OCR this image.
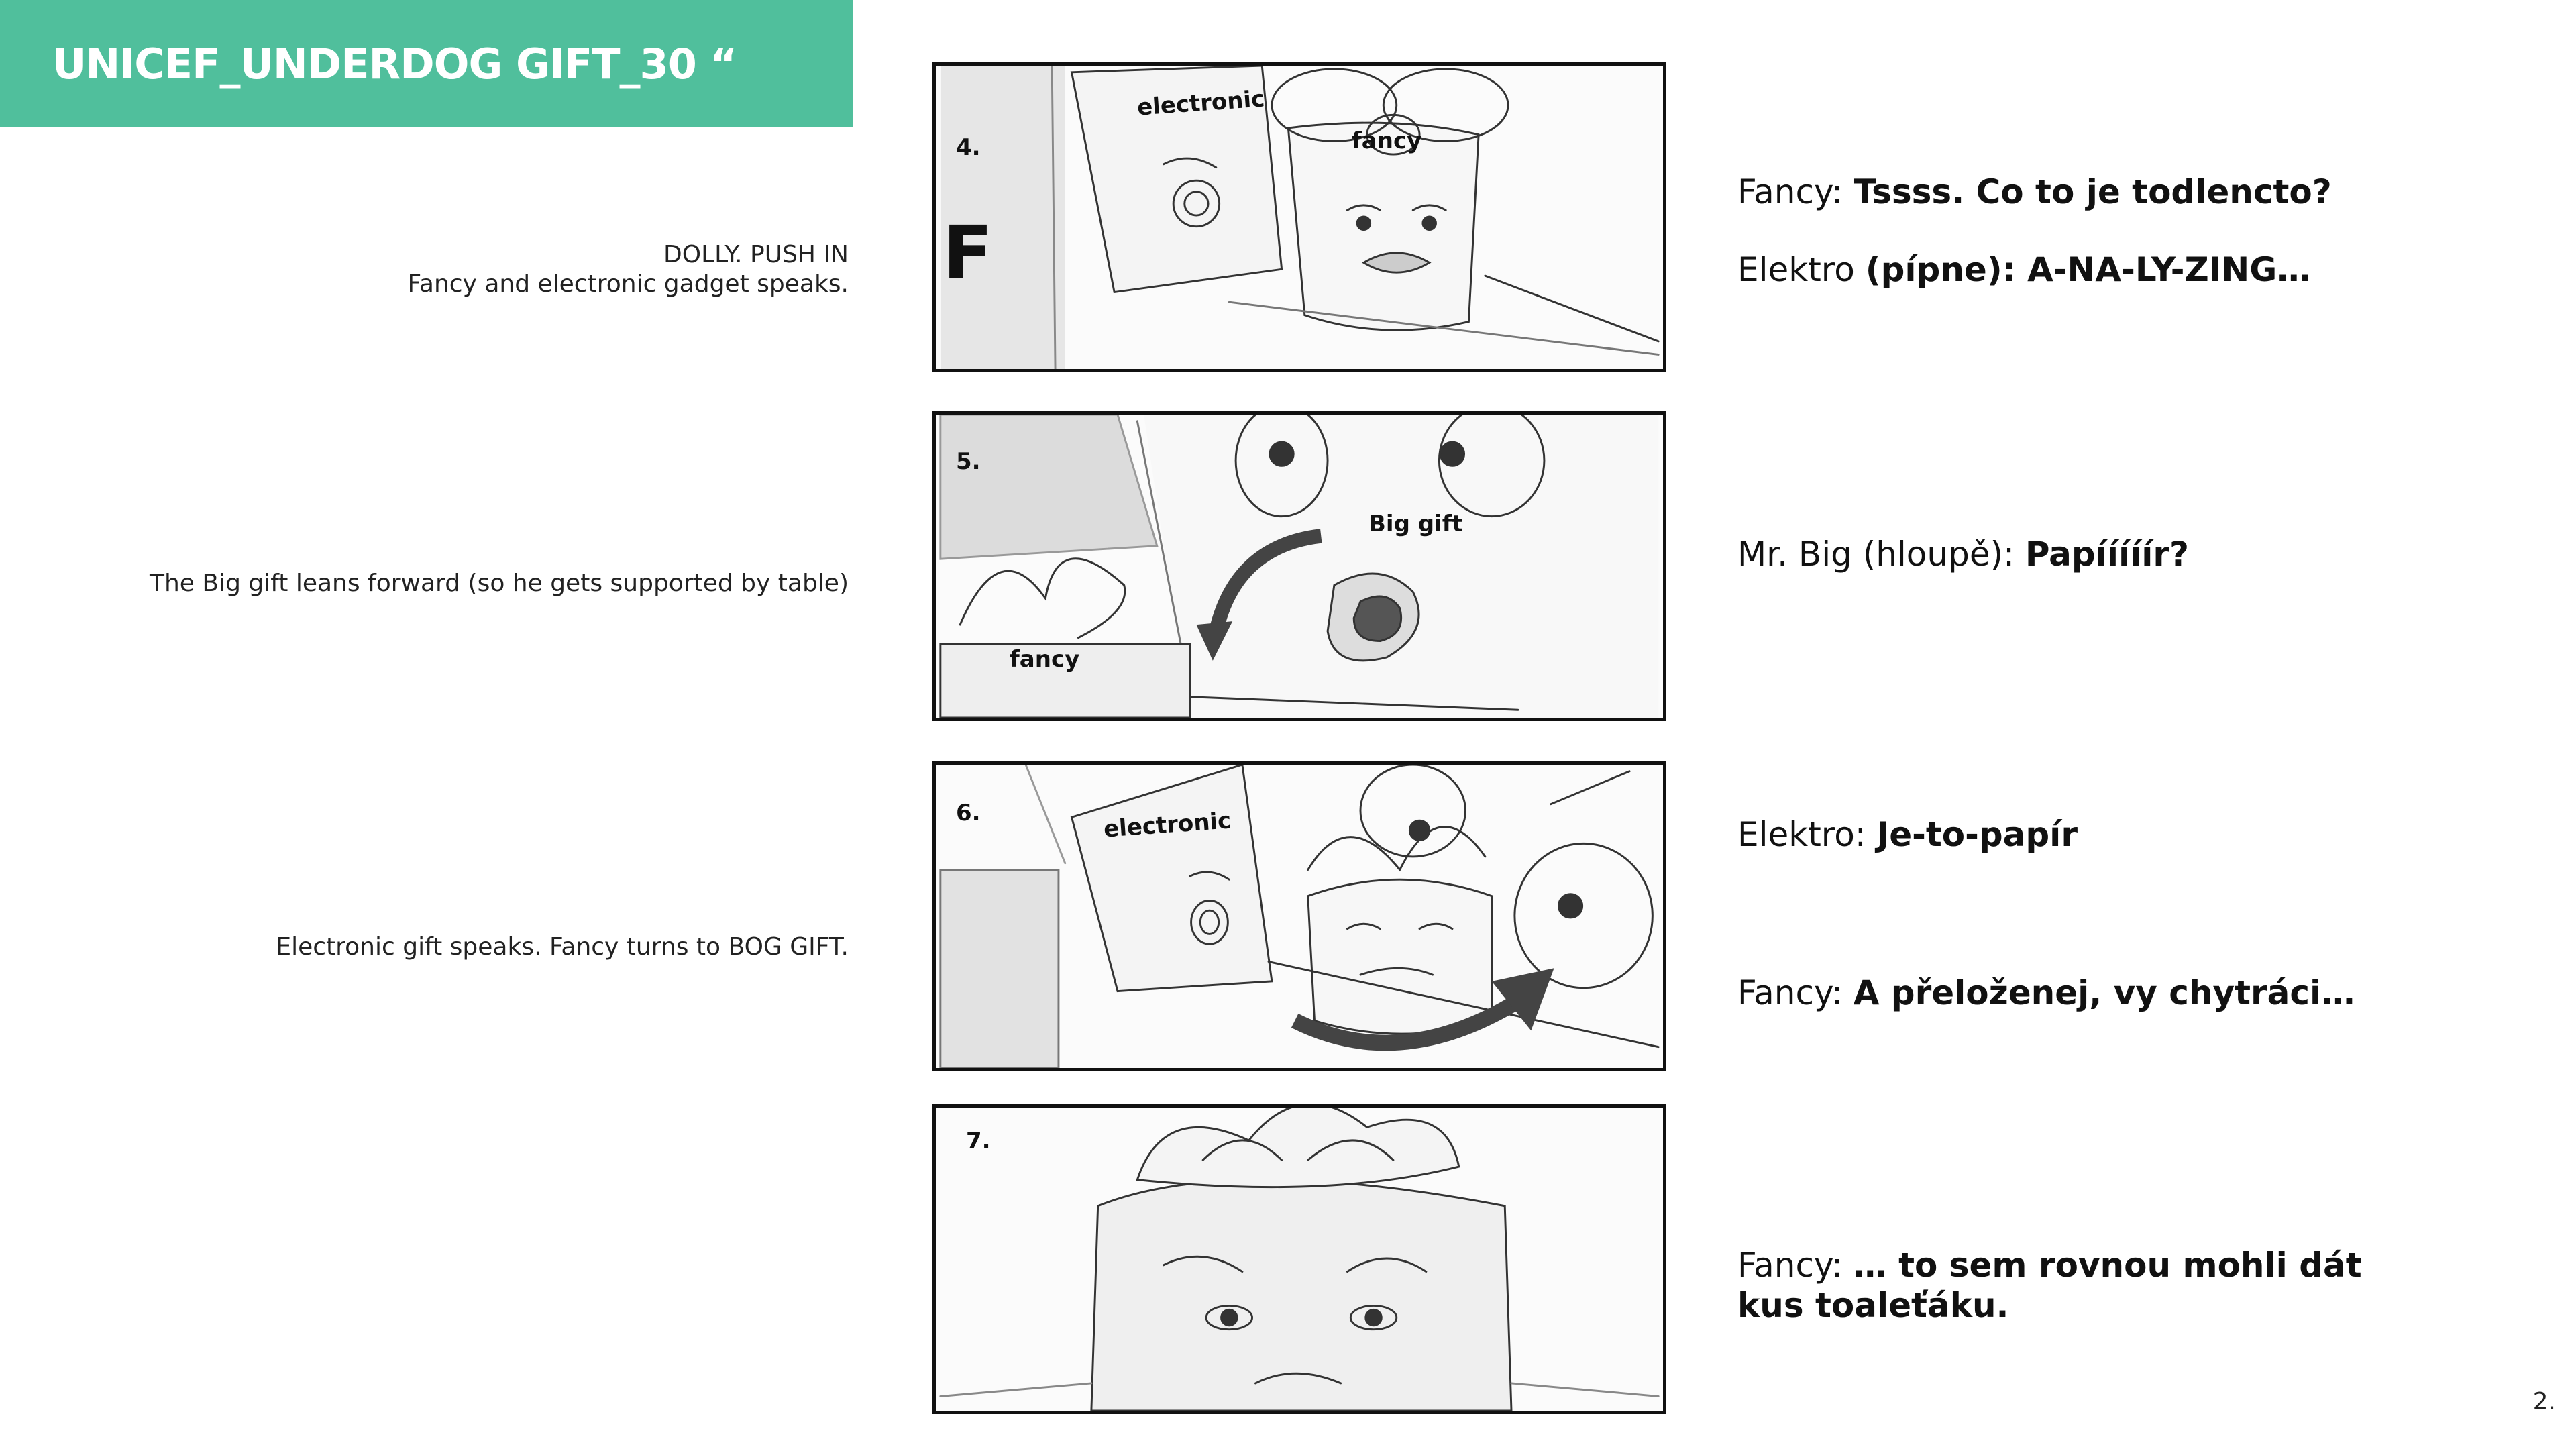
UNICEF_UNDERDOG GIFT_30 “
DOLLY. PUSH IN
Fancy and electronic gadget speaks.
The Big gift leans forward (so he gets supported by table)
Electronic gift speaks. Fancy turns to BOG GIFT.
4.
electronic
fancy
F
5.
Big gift
fancy
6.	electronic
7.
Fancy: Tssss. Co to je todlencto?
Elektro (pípne): A-NA-LY-ZING…
Mr. Big (hloupě): Papííííír?
Elektro: Je-to-papír
Fancy: A přeloženej, vy chytráci…
Fancy: … to sem rovnou mohli dát
kus toaleťáku.
2.
